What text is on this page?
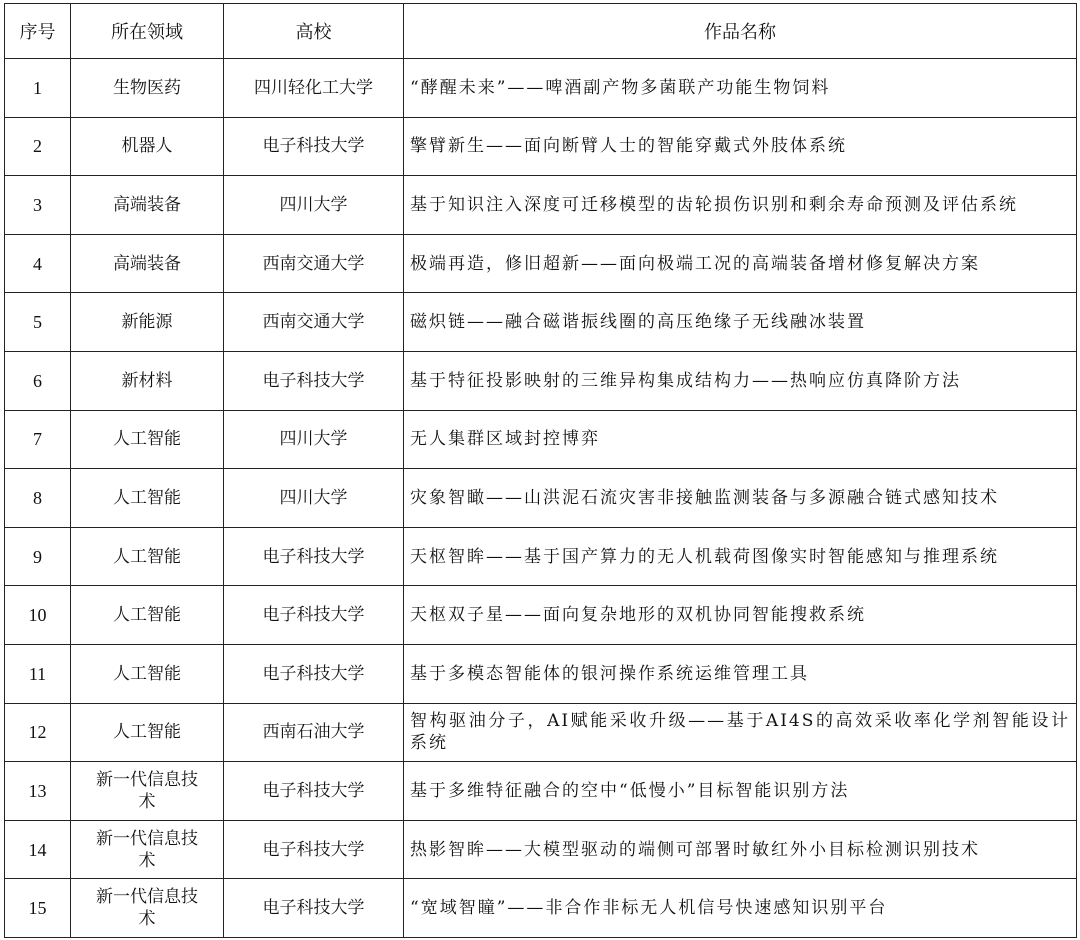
序号	所在领域	高校	作品名称
1	生物医药	四川轻化工大学	“酵醒未来”——啤酒副产物多菌联产功能生物饲料
2	机器人	电子科技大学	擎臂新生——面向断臂人士的智能穿戴式外肢体系统
3	高端装备	四川大学	基于知识注入深度可迁移模型的齿轮损伤识别和剩余寿命预测及评估系统
4	高端装备	西南交通大学	极端再造，修旧超新——面向极端工况的高端装备增材修复解决方案
5	新能源	西南交通大学	磁炽链——融合磁谐振线圈的高压绝缘子无线融冰装置
6	新材料	电子科技大学	基于特征投影映射的三维异构集成结构力——热响应仿真降阶方法
7	人工智能	四川大学	无人集群区域封控博弈
8	人工智能	四川大学	灾象智瞰——山洪泥石流灾害非接触监测装备与多源融合链式感知技术
9	人工智能	电子科技大学	天枢智眸——基于国产算力的无人机载荷图像实时智能感知与推理系统
10	人工智能	电子科技大学	天枢双子星——面向复杂地形的双机协同智能搜救系统
11	人工智能	电子科技大学	基于多模态智能体的银河操作系统运维管理工具
12	人工智能	西南石油大学	智构驱油分子，AI赋能采收升级——基于AI4S的高效采收率化学剂智能设计系统
13	新一代信息技术	电子科技大学	基于多维特征融合的空中“低慢小”目标智能识别方法
14	新一代信息技术	电子科技大学	热影智眸——大模型驱动的端侧可部署时敏红外小目标检测识别技术
15	新一代信息技术	电子科技大学	“宽域智瞳”——非合作非标无人机信号快速感知识别平台
